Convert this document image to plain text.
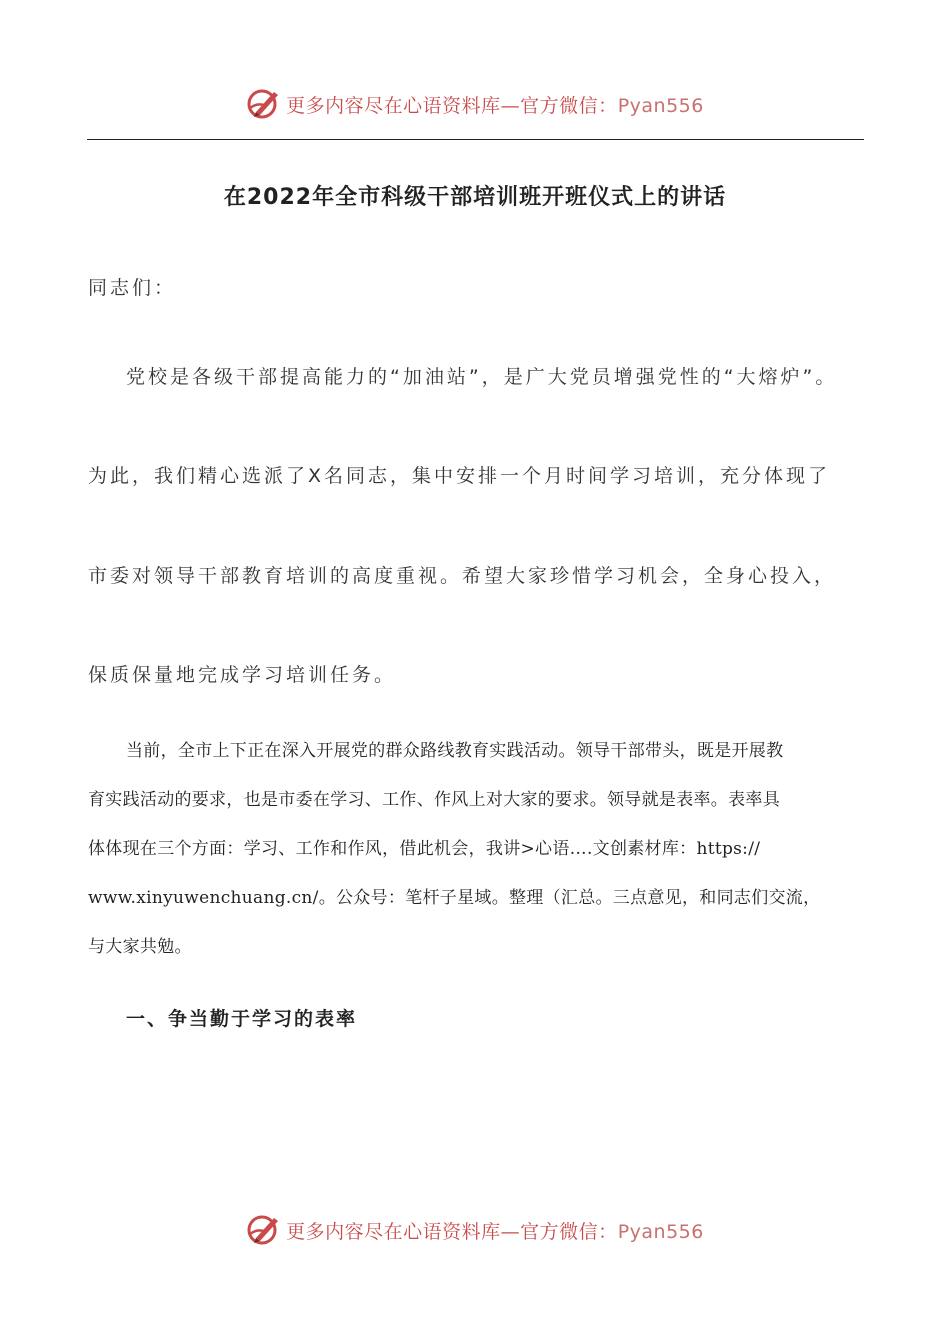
更多内容尽在心语资料库—官方微信：Pyan556
在2022年全市科级干部培训班开班仪式上的讲话
同志们：
党校是各级干部提高能力的“加油站”，是广大党员增强党性的“大熔炉”。
为此，我们精心选派了X名同志，集中安排一个月时间学习培训，充分体现了
市委对领导干部教育培训的高度重视。希望大家珍惜学习机会，全身心投入，
保质保量地完成学习培训任务。
当前，全市上下正在深入开展党的群众路线教育实践活动。领导干部带头，既是开展教
育实践活动的要求，也是市委在学习、工作、作风上对大家的要求。领导就是表率。表率具
体体现在三个方面：学习、工作和作风，借此机会，我讲>心语….文创素材库：https://
www.xinyuwenchuang.cn/。公众号：笔杆子星域。整理（汇总。三点意见，和同志们交流，
与大家共勉。
一、争当勤于学习的表率
更多内容尽在心语资料库—官方微信：Pyan556
